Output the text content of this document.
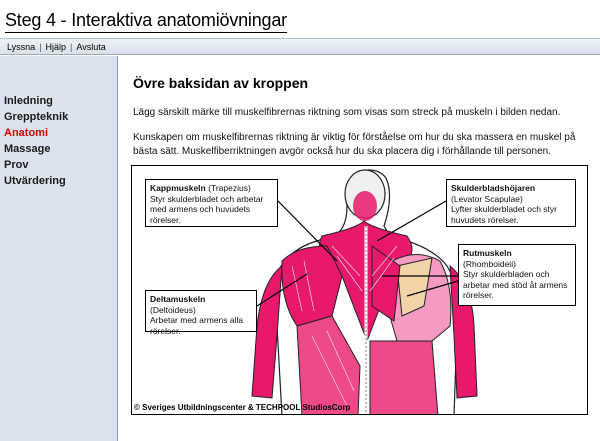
Steg 4 - Interaktiva anatomiövningar
Lyssna | Hjälp | Avsluta
Inledning
Greppteknik
Anatomi
Massage
Prov
Utvärdering
Övre baksidan av kroppen
Lägg särskilt märke till muskelfibrernas riktning som visas som streck på muskeln i bilden nedan.
Kunskapen om muskelfibrernas riktning är viktig för förståelse om hur du ska massera en muskel på bästa sätt. Muskelfiberriktningen avgör också hur du ska placera dig i förhållande till personen.
Kappmuskeln (Trapezius)
Styr skulderbladet och arbetar med armens och huvudets rörelser.
Skulderbladshöjaren
(Levator Scapulae)
Lyfter skulderbladet och styr huvudets rörelser.
Rutmuskeln
(Rhomboideii)
Styr skulderbladen och arbetar med stöd åt armens rörelser.
Deltamuskeln (Deltoideus)
Arbetar med armens alla rörelser.
© Sveriges Utbildningscenter & TECHPOOL StudiosCorp
